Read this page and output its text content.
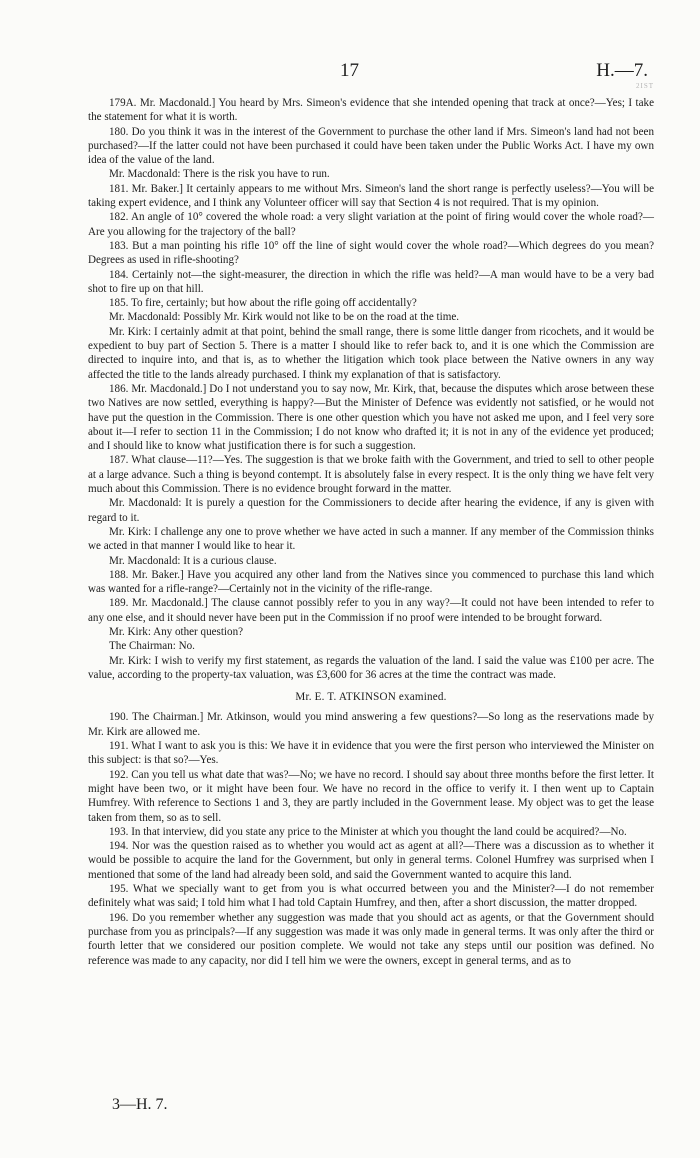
17	H.—7.
2IST

179A. Mr. Macdonald.] You heard by Mrs. Simeon's evidence that she intended opening that track at once?—Yes; I take the statement for what it is worth.

180. Do you think it was in the interest of the Government to purchase the other land if Mrs. Simeon's land had not been purchased?—If the latter could not have been purchased it could have been taken under the Public Works Act. I have my own idea of the value of the land.

Mr. Macdonald: There is the risk you have to run.

181. Mr. Baker.] It certainly appears to me without Mrs. Simeon's land the short range is perfectly useless?—You will be taking expert evidence, and I think any Volunteer officer will say that Section 4 is not required. That is my opinion.

182. An angle of 10° covered the whole road: a very slight variation at the point of firing would cover the whole road?—Are you allowing for the trajectory of the ball?

183. But a man pointing his rifle 10° off the line of sight would cover the whole road?—Which degrees do you mean? Degrees as used in rifle-shooting?

184. Certainly not—the sight-measurer, the direction in which the rifle was held?—A man would have to be a very bad shot to fire up on that hill.

185. To fire, certainly; but how about the rifle going off accidentally?

Mr. Macdonald: Possibly Mr. Kirk would not like to be on the road at the time.

Mr. Kirk: I certainly admit at that point, behind the small range, there is some little danger from ricochets, and it would be expedient to buy part of Section 5. There is a matter I should like to refer back to, and it is one which the Commission are directed to inquire into, and that is, as to whether the litigation which took place between the Native owners in any way affected the title to the lands already purchased. I think my explanation of that is satisfactory.

186. Mr. Macdonald.] Do I not understand you to say now, Mr. Kirk, that, because the disputes which arose between these two Natives are now settled, everything is happy?—But the Minister of Defence was evidently not satisfied, or he would not have put the question in the Commission. There is one other question which you have not asked me upon, and I feel very sore about it—I refer to section 11 in the Commission; I do not know who drafted it; it is not in any of the evidence yet produced; and I should like to know what justification there is for such a suggestion.

187. What clause—11?—Yes. The suggestion is that we broke faith with the Government, and tried to sell to other people at a large advance. Such a thing is beyond contempt. It is absolutely false in every respect. It is the only thing we have felt very much about this Commission. There is no evidence brought forward in the matter.

Mr. Macdonald: It is purely a question for the Commissioners to decide after hearing the evidence, if any is given with regard to it.

Mr. Kirk: I challenge any one to prove whether we have acted in such a manner. If any member of the Commission thinks we acted in that manner I would like to hear it.

Mr. Macdonald: It is a curious clause.

188. Mr. Baker.] Have you acquired any other land from the Natives since you commenced to purchase this land which was wanted for a rifle-range?—Certainly not in the vicinity of the rifle-range.

189. Mr. Macdonald.] The clause cannot possibly refer to you in any way?—It could not have been intended to refer to any one else, and it should never have been put in the Commission if no proof were intended to be brought forward.

Mr. Kirk: Any other question?

The Chairman: No.

Mr. Kirk: I wish to verify my first statement, as regards the valuation of the land. I said the value was £100 per acre. The value, according to the property-tax valuation, was £3,600 for 36 acres at the time the contract was made.

Mr. E. T. ATKINSON examined.

190. The Chairman.] Mr. Atkinson, would you mind answering a few questions?—So long as the reservations made by Mr. Kirk are allowed me.

191. What I want to ask you is this: We have it in evidence that you were the first person who interviewed the Minister on this subject: is that so?—Yes.

192. Can you tell us what date that was?—No; we have no record. I should say about three months before the first letter. It might have been two, or it might have been four. We have no record in the office to verify it. I then went up to Captain Humfrey. With reference to Sections 1 and 3, they are partly included in the Government lease. My object was to get the lease taken from them, so as to sell.

193. In that interview, did you state any price to the Minister at which you thought the land could be acquired?—No.

194. Nor was the question raised as to whether you would act as agent at all?—There was a discussion as to whether it would be possible to acquire the land for the Government, but only in general terms. Colonel Humfrey was surprised when I mentioned that some of the land had already been sold, and said the Government wanted to acquire this land.

195. What we specially want to get from you is what occurred between you and the Minister?—I do not remember definitely what was said; I told him what I had told Captain Humfrey, and then, after a short discussion, the matter dropped.

196. Do you remember whether any suggestion was made that you should act as agents, or that the Government should purchase from you as principals?—If any suggestion was made it was only made in general terms. It was only after the third or fourth letter that we considered our position complete. We would not take any steps until our position was defined. No reference was made to any capacity, nor did I tell him we were the owners, except in general terms, and as to

3—H. 7.
